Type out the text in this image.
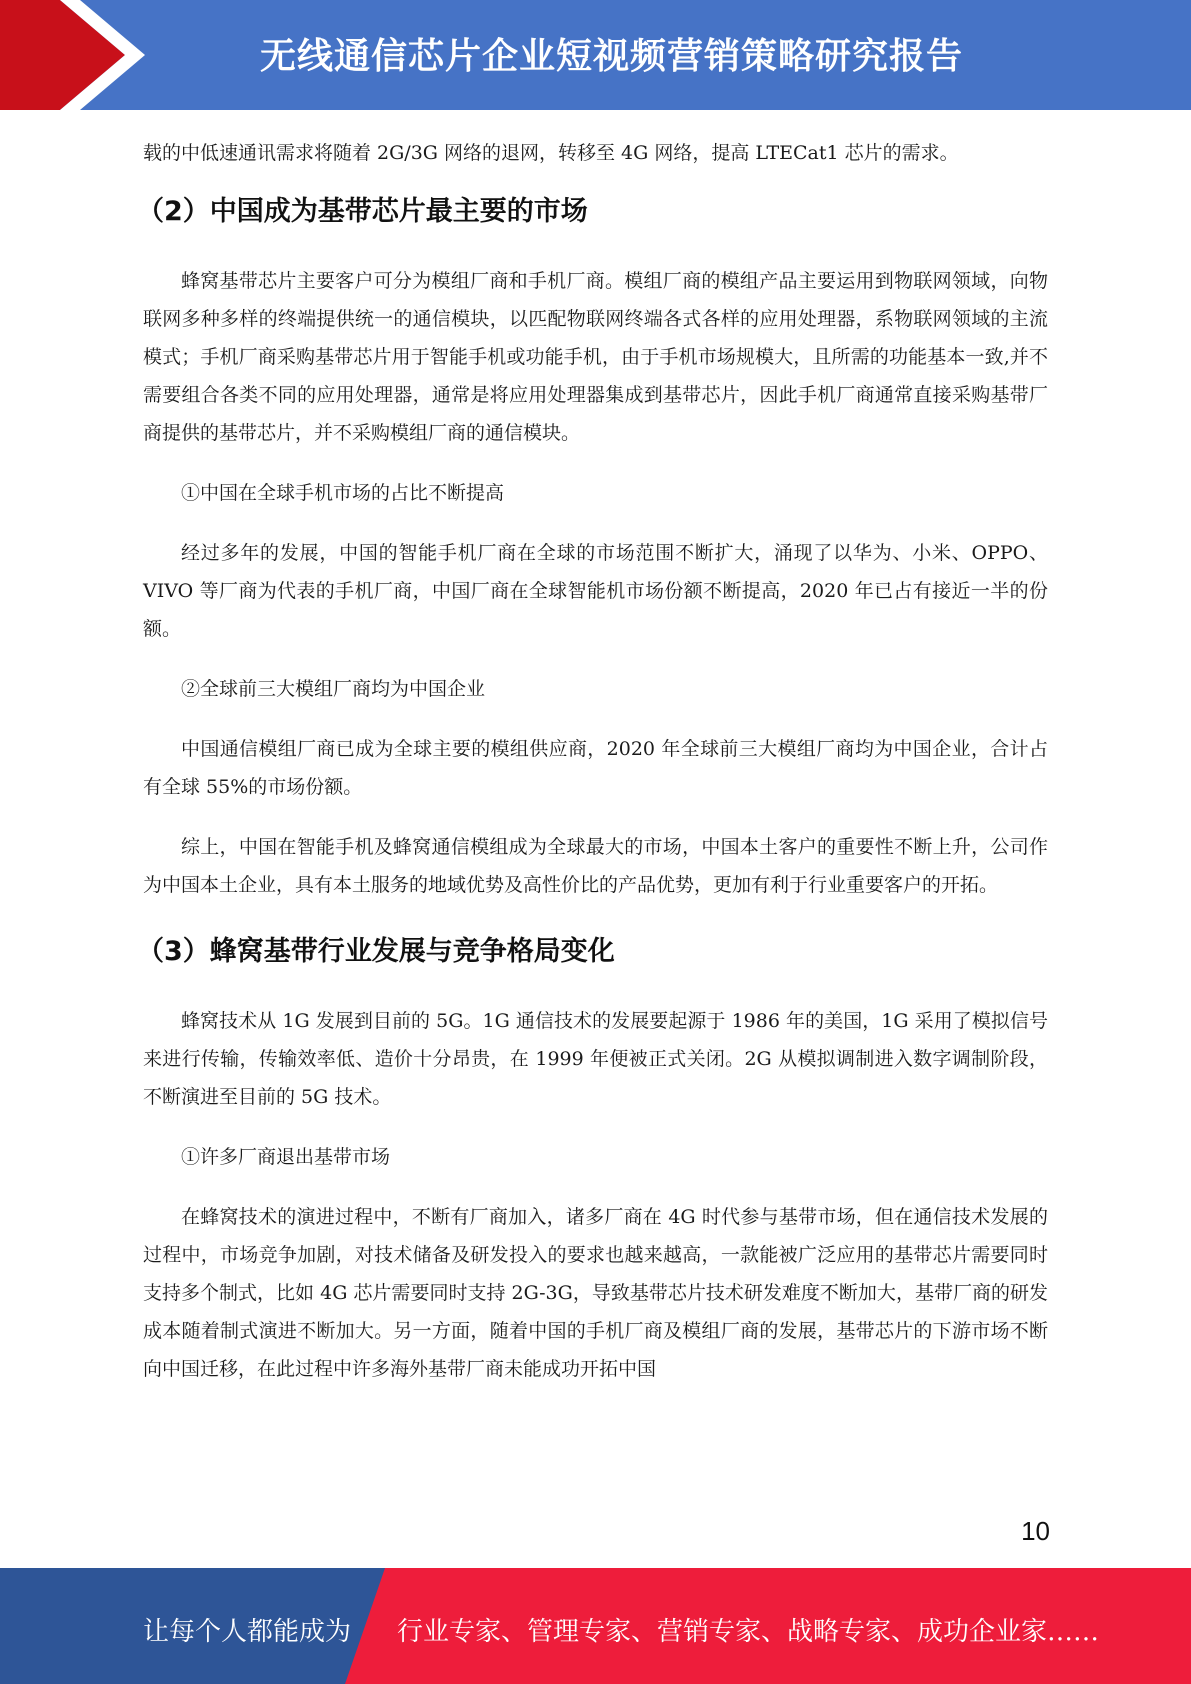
无线通信芯片企业短视频营销策略研究报告

载的中低速通讯需求将随着 2G/3G 网络的退网，转移至 4G 网络，提高 LTECat1 芯片的需求。

（2）中国成为基带芯片最主要的市场

蜂窝基带芯片主要客户可分为模组厂商和手机厂商。模组厂商的模组产品主要运用到物联网领域，向物联网多种多样的终端提供统一的通信模块，以匹配物联网终端各式各样的应用处理器，系物联网领域的主流模式；手机厂商采购基带芯片用于智能手机或功能手机，由于手机市场规模大，且所需的功能基本一致,并不需要组合各类不同的应用处理器，通常是将应用处理器集成到基带芯片，因此手机厂商通常直接采购基带厂商提供的基带芯片，并不采购模组厂商的通信模块。

①中国在全球手机市场的占比不断提高

经过多年的发展，中国的智能手机厂商在全球的市场范围不断扩大，涌现了以华为、小米、OPPO、VIVO 等厂商为代表的手机厂商，中国厂商在全球智能机市场份额不断提高，2020 年已占有接近一半的份额。

②全球前三大模组厂商均为中国企业

中国通信模组厂商已成为全球主要的模组供应商，2020 年全球前三大模组厂商均为中国企业，合计占有全球 55%的市场份额。

综上，中国在智能手机及蜂窝通信模组成为全球最大的市场，中国本土客户的重要性不断上升，公司作为中国本土企业，具有本土服务的地域优势及高性价比的产品优势，更加有利于行业重要客户的开拓。

（3）蜂窝基带行业发展与竞争格局变化

蜂窝技术从 1G 发展到目前的 5G。1G 通信技术的发展要起源于 1986 年的美国，1G 采用了模拟信号来进行传输，传输效率低、造价十分昂贵，在 1999 年便被正式关闭。2G 从模拟调制进入数字调制阶段，不断演进至目前的 5G 技术。

①许多厂商退出基带市场

在蜂窝技术的演进过程中，不断有厂商加入，诸多厂商在 4G 时代参与基带市场，但在通信技术发展的过程中，市场竞争加剧，对技术储备及研发投入的要求也越来越高，一款能被广泛应用的基带芯片需要同时支持多个制式，比如 4G 芯片需要同时支持 2G-3G，导致基带芯片技术研发难度不断加大，基带厂商的研发成本随着制式演进不断加大。另一方面，随着中国的手机厂商及模组厂商的发展，基带芯片的下游市场不断向中国迁移，在此过程中许多海外基带厂商未能成功开拓中国

10
让每个人都能成为 行业专家、管理专家、营销专家、战略专家、成功企业家……
